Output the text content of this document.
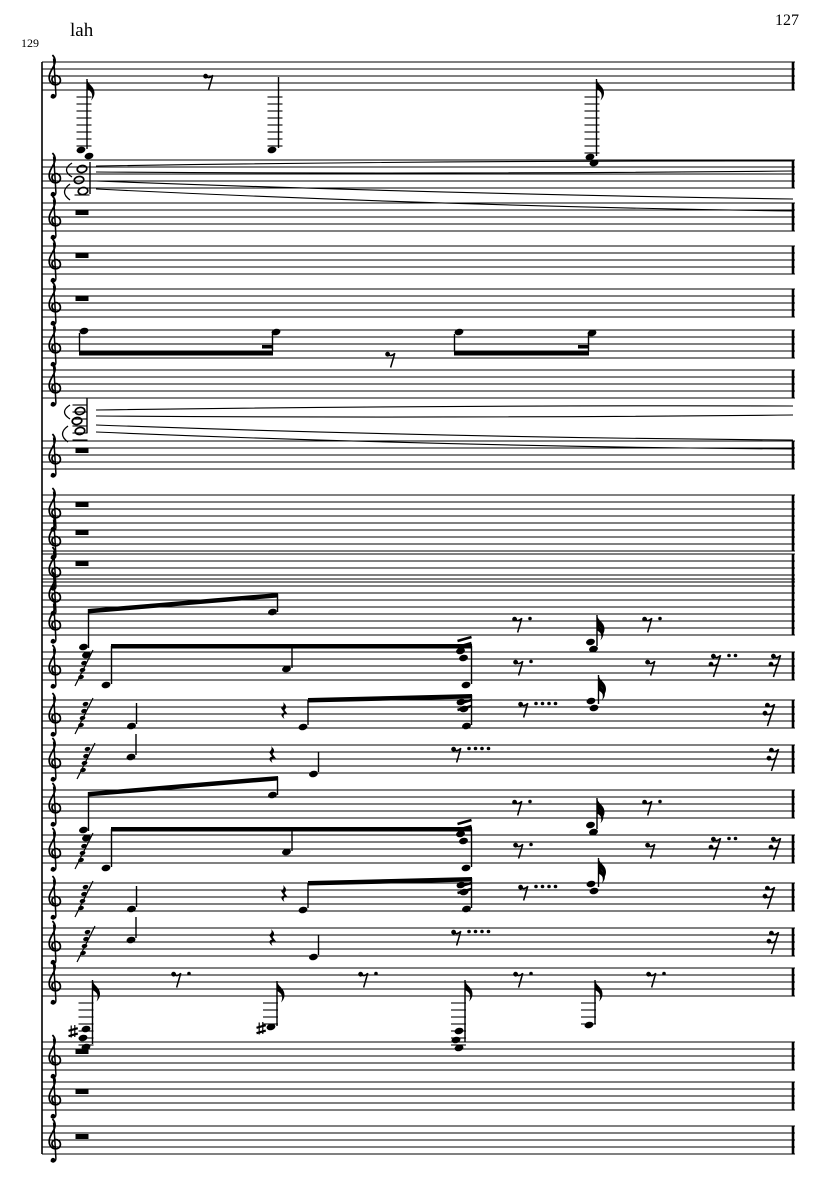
129
lah	127
